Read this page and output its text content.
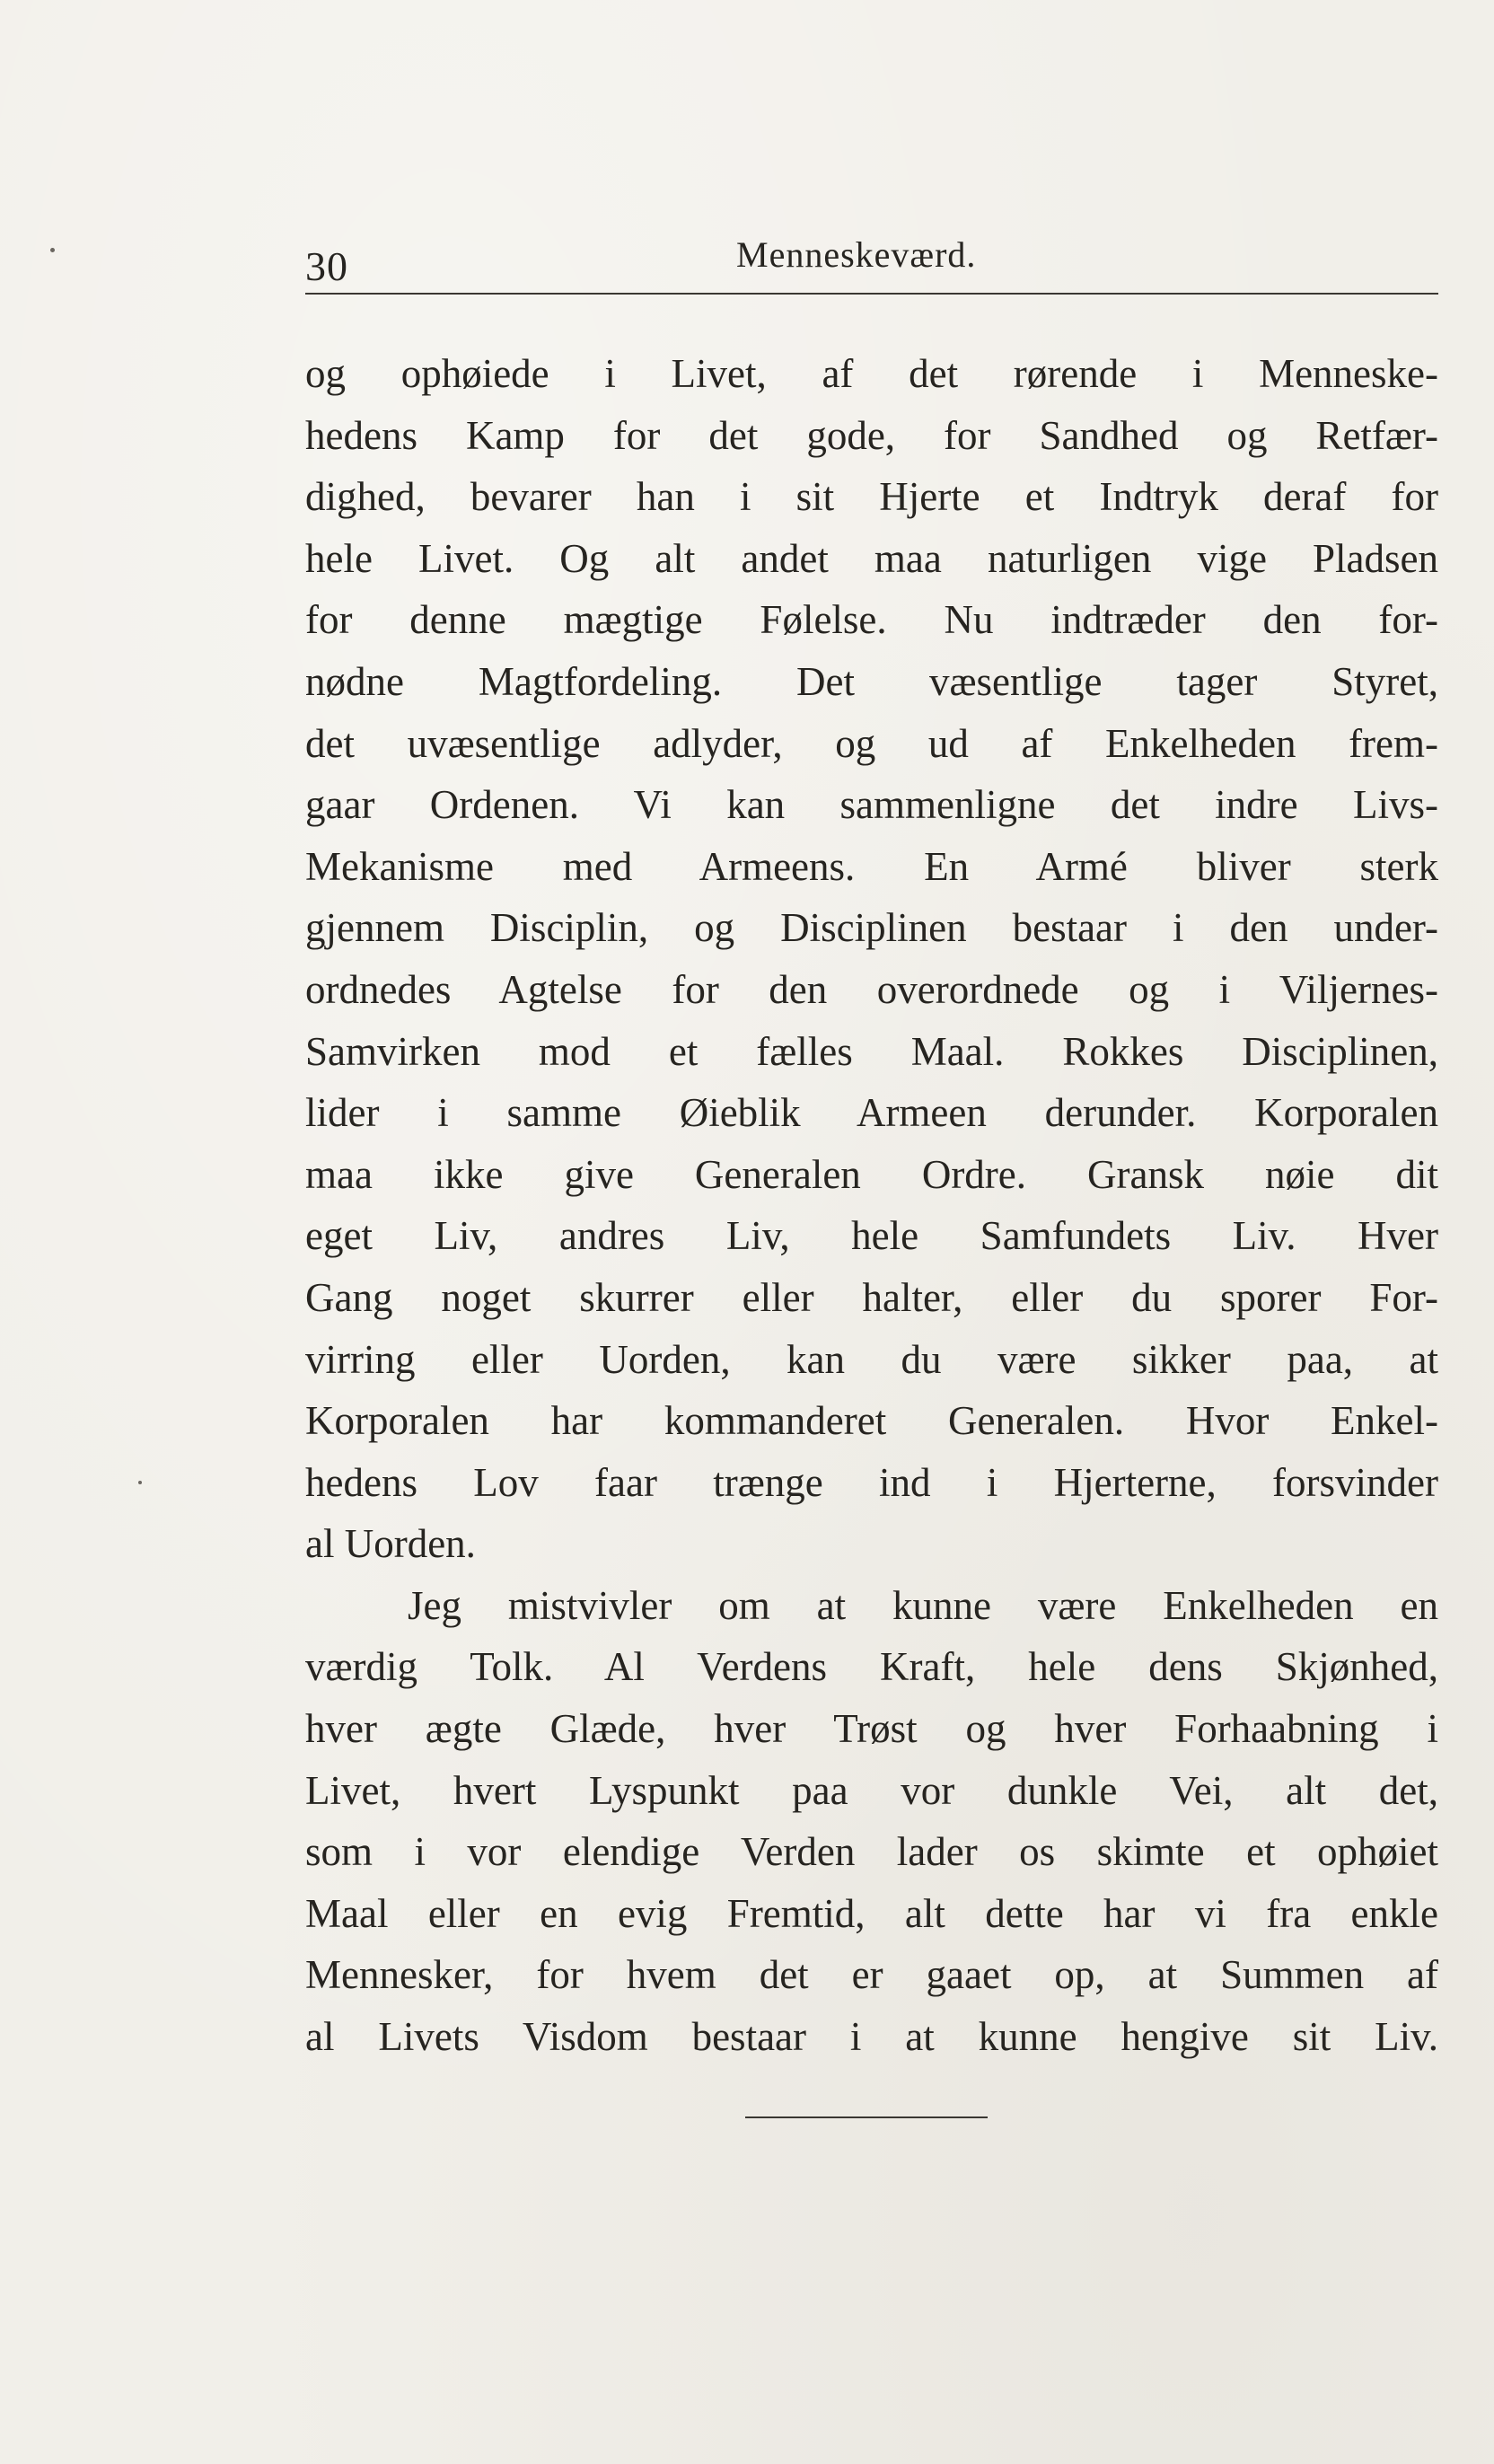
30	Menneskeværd.
og ophøiede i Livet, af det rørende i Menneske-
hedens Kamp for det gode, for Sandhed og Retfær-
dighed, bevarer han i sit Hjerte et Indtryk deraf for
hele Livet. Og alt andet maa naturligen vige Pladsen
for denne mægtige Følelse. Nu indtræder den for-
nødne Magtfordeling. Det væsentlige tager Styret,
det uvæsentlige adlyder, og ud af Enkelheden frem-
gaar Ordenen. Vi kan sammenligne det indre Livs-
Mekanisme med Armeens. En Armé bliver sterk
gjennem Disciplin, og Disciplinen bestaar i den under-
ordnedes Agtelse for den overordnede og i Viljernes-
Samvirken mod et fælles Maal. Rokkes Disciplinen,
lider i samme Øieblik Armeen derunder. Korporalen
maa ikke give Generalen Ordre. Gransk nøie dit
eget Liv, andres Liv, hele Samfundets Liv. Hver
Gang noget skurrer eller halter, eller du sporer For-
virring eller Uorden, kan du være sikker paa, at
Korporalen har kommanderet Generalen. Hvor Enkel-
hedens Lov faar trænge ind i Hjerterne, forsvinder
al Uorden.
Jeg mistvivler om at kunne være Enkelheden en
værdig Tolk. Al Verdens Kraft, hele dens Skjønhed,
hver ægte Glæde, hver Trøst og hver Forhaabning i
Livet, hvert Lyspunkt paa vor dunkle Vei, alt det,
som i vor elendige Verden lader os skimte et ophøiet
Maal eller en evig Fremtid, alt dette har vi fra enkle
Mennesker, for hvem det er gaaet op, at Summen af
al Livets Visdom bestaar i at kunne hengive sit Liv.
